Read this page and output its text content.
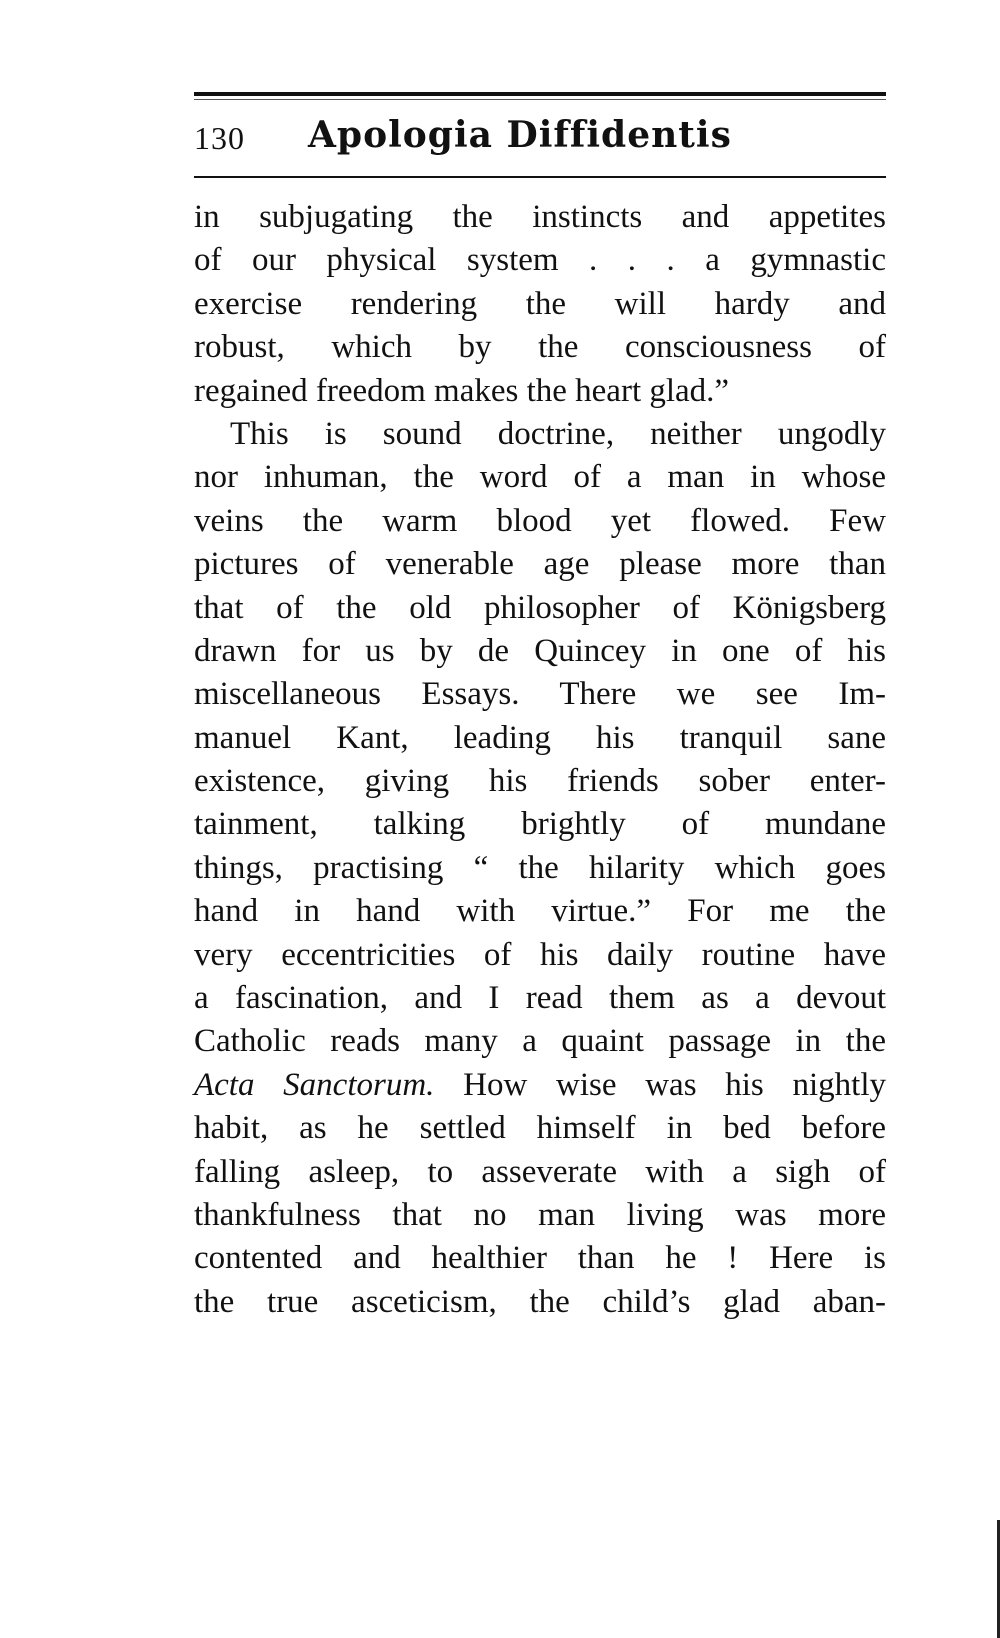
130 Apologia Diffidentis
in subjugating the instincts and appetites
of our physical system . . . a gymnastic
exercise rendering the will hardy and
robust, which by the consciousness of
regained freedom makes the heart glad.”
This is sound doctrine, neither ungodly
nor inhuman, the word of a man in whose
veins the warm blood yet flowed. Few
pictures of venerable age please more than
that of the old philosopher of Königsberg
drawn for us by de Quincey in one of his
miscellaneous Essays. There we see Im-
manuel Kant, leading his tranquil sane
existence, giving his friends sober enter-
tainment, talking brightly of mundane
things, practising “ the hilarity which goes
hand in hand with virtue.” For me the
very eccentricities of his daily routine have
a fascination, and I read them as a devout
Catholic reads many a quaint passage in the
Acta Sanctorum. How wise was his nightly
habit, as he settled himself in bed before
falling asleep, to asseverate with a sigh of
thankfulness that no man living was more
contented and healthier than he ! Here is
the true asceticism, the child’s glad aban-
